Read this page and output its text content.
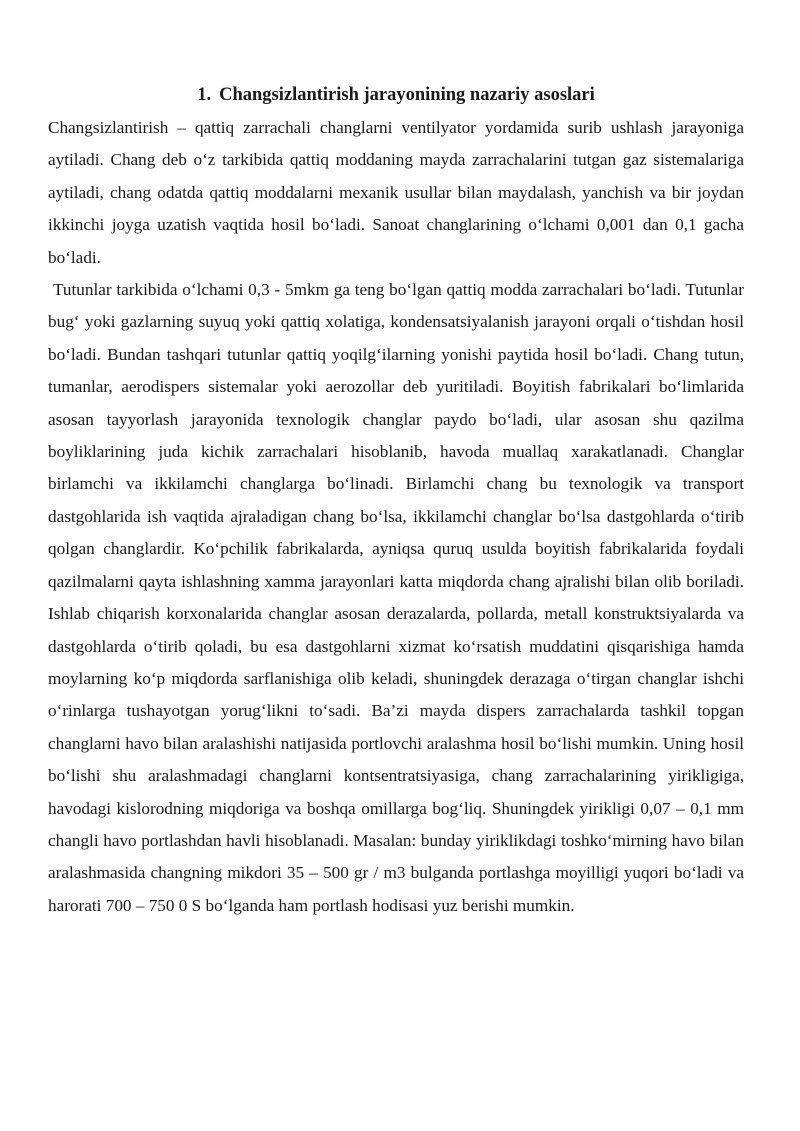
1. Changsizlantirish jarayonining nazariy asoslari

Changsizlantirish – qattiq zarrachali changlarni ventilyator yordamida surib ushlash jarayoniga aytiladi. Chang deb o‘z tarkibida qattiq moddaning mayda zarrachalarini tutgan gaz sistemalariga aytiladi, chang odatda qattiq moddalarni mexanik usullar bilan maydalash, yanchish va bir joydan ikkinchi joyga uzatish vaqtida hosil bo‘ladi. Sanoat changlarining o‘lchami 0,001 dan 0,1 gacha bo‘ladi.

Tutunlar tarkibida o‘lchami 0,3 - 5mkm ga teng bo‘lgan qattiq modda zarrachalari bo‘ladi. Tutunlar bug‘ yoki gazlarning suyuq yoki qattiq xolatiga, kondensatsiyalanish jarayoni orqali o‘tishdan hosil bo‘ladi. Bundan tashqari tutunlar qattiq yoqilg‘ilarning yonishi paytida hosil bo‘ladi. Chang tutun, tumanlar, aerodispers sistemalar yoki aerozollar deb yuritiladi. Boyitish fabrikalari bo‘limlarida asosan tayyorlash jarayonida texnologik changlar paydo bo‘ladi, ular asosan shu qazilma boyliklarining juda kichik zarrachalari hisoblanib, havoda muallaq xarakatlanadi. Changlar birlamchi va ikkilamchi changlarga bo‘linadi. Birlamchi chang bu texnologik va transport dastgohlarida ish vaqtida ajraladigan chang bo‘lsa, ikkilamchi changlar bo‘lsa dastgohlarda o‘tirib qolgan changlardir. Ko‘pchilik fabrikalarda, ayniqsa quruq usulda boyitish fabrikalarida foydali qazilmalarni qayta ishlashning xamma jarayonlari katta miqdorda chang ajralishi bilan olib boriladi. Ishlab chiqarish korxonalarida changlar asosan derazalarda, pollarda, metall konstruktsiyalarda va dastgohlarda o‘tirib qoladi, bu esa dastgohlarni xizmat ko‘rsatish muddatini qisqarishiga hamda moylarning ko‘p miqdorda sarflanishiga olib keladi, shuningdek derazaga o‘tirgan changlar ishchi o‘rinlarga tushayotgan yorug‘likni to‘sadi. Ba’zi mayda dispers zarrachalarda tashkil topgan changlarni havo bilan aralashishi natijasida portlovchi aralashma hosil bo‘lishi mumkin. Uning hosil bo‘lishi shu aralashmadagi changlarni kontsentratsiyasiga, chang zarrachalarining yirikligiga, havodagi kislorodning miqdoriga va boshqa omillarga bog‘liq. Shuningdek yirikligi 0,07 – 0,1 mm changli havo portlashdan havli hisoblanadi. Masalan: bunday yiriklikdagi toshko‘mirning havo bilan aralashmasida changning mikdori 35 – 500 gr / m3 bulganda portlashga moyilligi yuqori bo‘ladi va harorati 700 – 750 0 S bo‘lganda ham portlash hodisasi yuz berishi mumkin.
